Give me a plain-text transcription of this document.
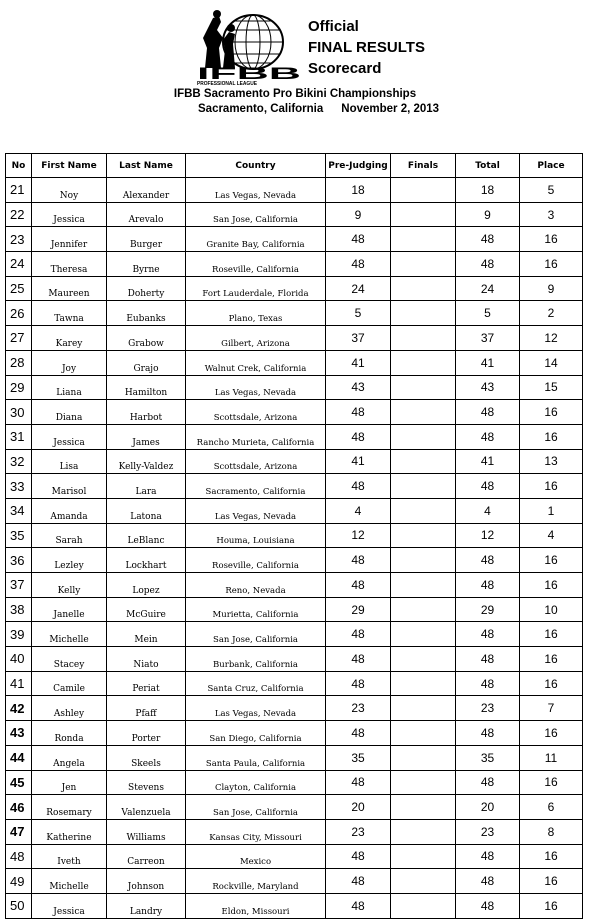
IFBB
PROFESSIONAL LEAGUE
Official
FINAL RESULTS
Scorecard
IFBB Sacramento Pro Bikini Championships
Sacramento, California November 2, 2013
No	First Name	Last Name	Country	Pre-Judging	Finals	Total	Place
21	Noy	Alexander	Las Vegas, Nevada	18		18	5
22	Jessica	Arevalo	San Jose, California	9		9	3
23	Jennifer	Burger	Granite Bay, California	48		48	16
24	Theresa	Byrne	Roseville, California	48		48	16
25	Maureen	Doherty	Fort Lauderdale, Florida	24		24	9
26	Tawna	Eubanks	Plano, Texas	5		5	2
27	Karey	Grabow	Gilbert, Arizona	37		37	12
28	Joy	Grajo	Walnut Crek, California	41		41	14
29	Liana	Hamilton	Las Vegas, Nevada	43		43	15
30	Diana	Harbot	Scottsdale, Arizona	48		48	16
31	Jessica	James	Rancho Murieta, California	48		48	16
32	Lisa	Kelly-Valdez	Scottsdale, Arizona	41		41	13
33	Marisol	Lara	Sacramento, California	48		48	16
34	Amanda	Latona	Las Vegas, Nevada	4		4	1
35	Sarah	LeBlanc	Houma, Louisiana	12		12	4
36	Lezley	Lockhart	Roseville, California	48		48	16
37	Kelly	Lopez	Reno, Nevada	48		48	16
38	Janelle	McGuire	Murietta, California	29		29	10
39	Michelle	Mein	San Jose, California	48		48	16
40	Stacey	Niato	Burbank, California	48		48	16
41	Camile	Periat	Santa Cruz, California	48		48	16
42	Ashley	Pfaff	Las Vegas, Nevada	23		23	7
43	Ronda	Porter	San Diego, California	48		48	16
44	Angela	Skeels	Santa Paula, California	35		35	11
45	Jen	Stevens	Clayton, California	48		48	16
46	Rosemary	Valenzuela	San Jose, California	20		20	6
47	Katherine	Williams	Kansas City, Missouri	23		23	8
48	Iveth	Carreon	Mexico	48		48	16
49	Michelle	Johnson	Rockville, Maryland	48		48	16
50	Jessica	Landry	Eldon, Missouri	48		48	16
